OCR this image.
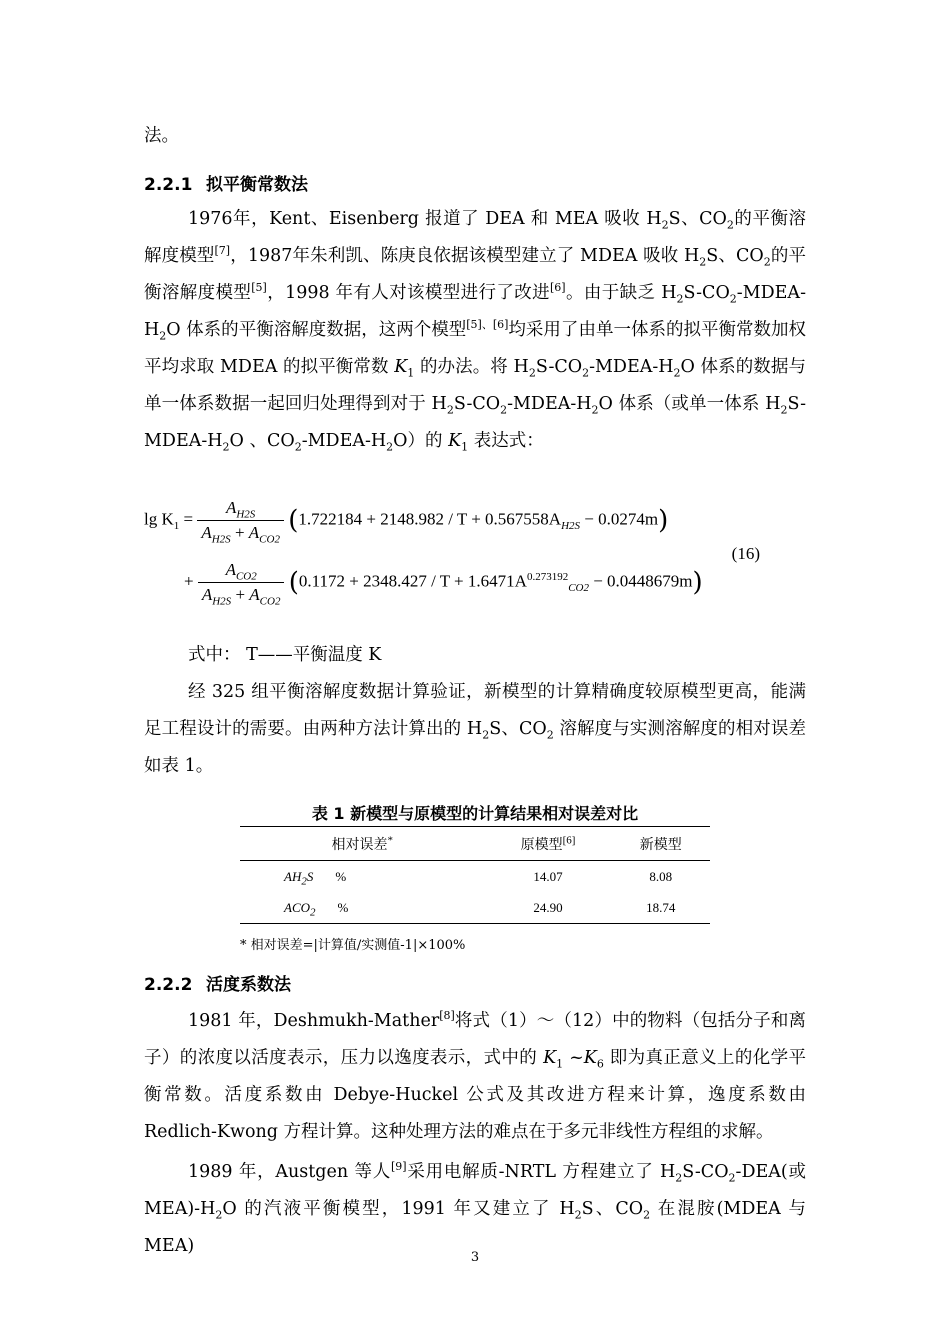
法。
2.2.1 拟平衡常数法
1976年，Kent、Eisenberg 报道了 DEA 和 MEA 吸收 $H_2S$、$CO_2$的平衡溶解度模型[7]，1987年朱利凯、陈庚良依据该模型建立了 MDEA 吸收 $H_2S$、$CO_2$的平衡溶解度模型[5]，1998 年有人对该模型进行了改进[6]。由于缺乏 $H_2S-CO_2-MDEA-H_2O$ 体系的平衡溶解度数据，这两个模型[5]、[6]均采用了由单一体系的拟平衡常数加权平均求取 MDEA 的拟平衡常数 $K_1$ 的办法。将 $H_2S-CO_2-MDEA-H_2O$ 体系的数据与单一体系数据一起回归处理得到对于 $H_2S-CO_2-MDEA-H_2O$ 体系（或单一体系 $H_2S-MDEA-H_2O$ 、$CO_2-MDEA-H_2O$）的 $K_1$ 表达式：
$\lg K_1 = \frac{A_{H2S}}{A_{H2S} + A_{CO2}} (1.722184 + 2148.982 / T + 0.567558A_{H2S} - 0.0274m)$
(16)
+ $\frac{A_{CO2}}{A_{H2S} + A_{CO2}} (0.1172 + 2348.427 / T + 1.6471A^{0.273192}_{CO2} - 0.0448679m)$
式中： T——平衡温度 K
经 325 组平衡溶解度数据计算验证，新模型的计算精确度较原模型更高，能满足工程设计的需要。由两种方法计算出的 $H_2S$、$CO_2$ 溶解度与实测溶解度的相对误差如表 1。
表 1 新模型与原模型的计算结果相对误差对比
相对误差*	原模型[6]	新模型
$AH_2S$ %	14.07	8.08
$ACO_2$ %	24.90	18.74
* 相对误差=|计算值/实测值-1|×100%
2.2.2 活度系数法
1981 年，Deshmukh-Mather[8]将式（1）～（12）中的物料（包括分子和离子）的浓度以活度表示，压力以逸度表示，式中的 $K_1$ $\sim K_6$ 即为真正意义上的化学平衡常数。活度系数由 Debye-Huckel 公式及其改进方程来计算，逸度系数由 Redlich-Kwong 方程计算。这种处理方法的难点在于多元非线性方程组的求解。
1989 年，Austgen 等人[9]采用电解质-NRTL 方程建立了 $H_2S-CO_2-DEA$(或 $MEA)-H_2O$ 的汽液平衡模型，1991 年又建立了 $H_2S$、$CO_2$ 在混胺(MDEA 与 MEA)
3
